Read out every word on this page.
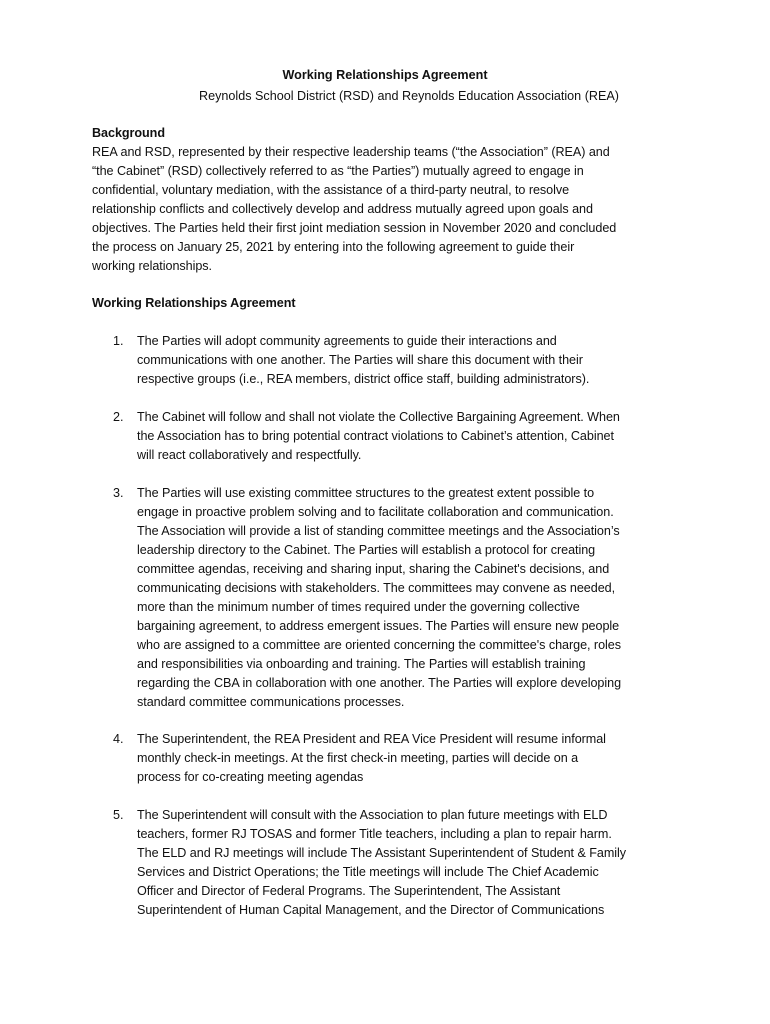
Working Relationships Agreement
Reynolds School District (RSD) and Reynolds Education Association (REA)
Background
REA and RSD, represented by their respective leadership teams (“the Association” (REA) and
“the Cabinet” (RSD) collectively referred to as “the Parties”) mutually agreed to engage in
confidential, voluntary mediation, with the assistance of a third-party neutral, to resolve
relationship conflicts and collectively develop and address mutually agreed upon goals and
objectives. The Parties held their first joint mediation session in November 2020 and concluded
the process on January 25, 2021 by entering into the following agreement to guide their
working relationships.
Working Relationships Agreement
1. The Parties will adopt community agreements to guide their interactions and
communications with one another. The Parties will share this document with their
respective groups (i.e., REA members, district office staff, building administrators).
2. The Cabinet will follow and shall not violate the Collective Bargaining Agreement. When
the Association has to bring potential contract violations to Cabinet’s attention, Cabinet
will react collaboratively and respectfully.
3. The Parties will use existing committee structures to the greatest extent possible to
engage in proactive problem solving and to facilitate collaboration and communication.
The Association will provide a list of standing committee meetings and the Association’s
leadership directory to the Cabinet. The Parties will establish a protocol for creating
committee agendas, receiving and sharing input, sharing the Cabinet's decisions, and
communicating decisions with stakeholders. The committees may convene as needed,
more than the minimum number of times required under the governing collective
bargaining agreement, to address emergent issues. The Parties will ensure new people
who are assigned to a committee are oriented concerning the committee's charge, roles
and responsibilities via onboarding and training. The Parties will establish training
regarding the CBA in collaboration with one another. The Parties will explore developing
standard committee communications processes.
4. The Superintendent, the REA President and REA Vice President will resume informal
monthly check-in meetings. At the first check-in meeting, parties will decide on a
process for co-creating meeting agendas
5. The Superintendent will consult with the Association to plan future meetings with ELD
teachers, former RJ TOSAS and former Title teachers, including a plan to repair harm.
The ELD and RJ meetings will include The Assistant Superintendent of Student & Family
Services and District Operations; the Title meetings will include The Chief Academic
Officer and Director of Federal Programs. The Superintendent, The Assistant
Superintendent of Human Capital Management, and the Director of Communications
